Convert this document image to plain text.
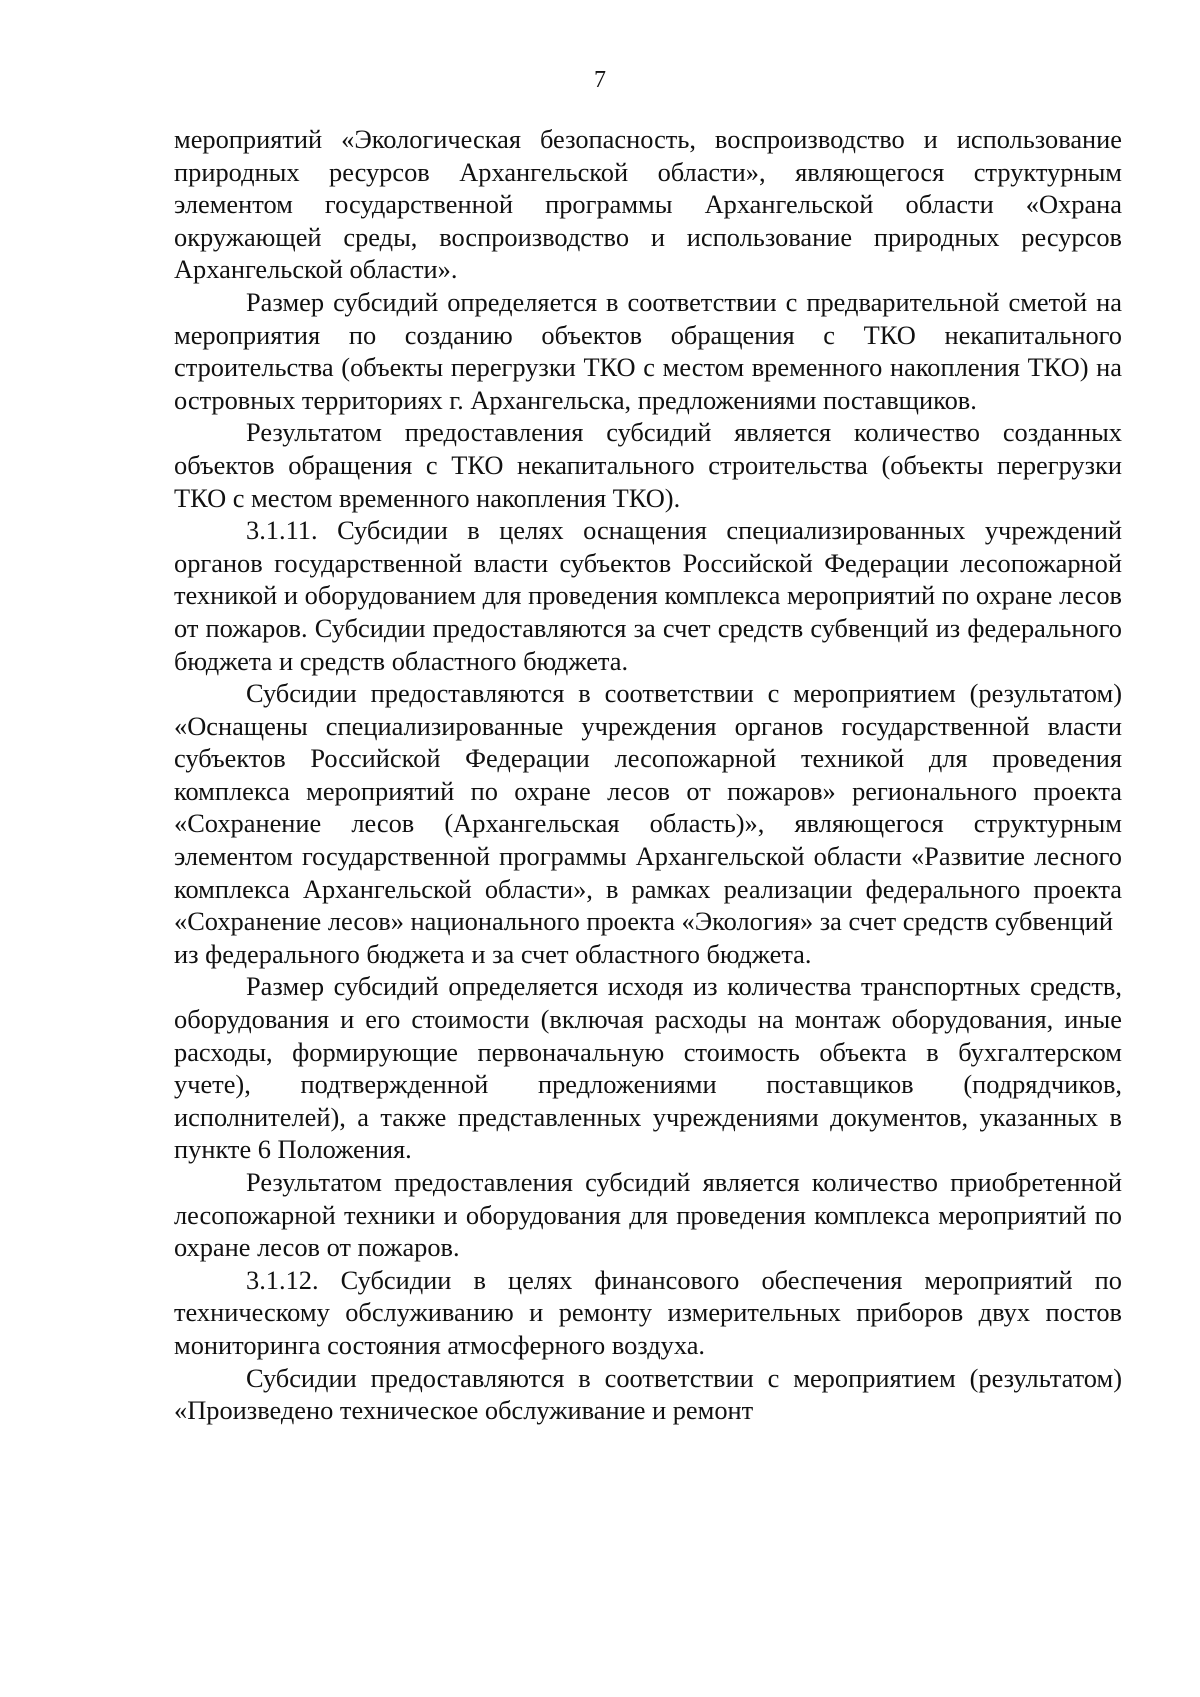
7

мероприятий «Экологическая безопасность, воспроизводство и использование природных ресурсов Архангельской области», являющегося структурным элементом государственной программы Архангельской области «Охрана окружающей среды, воспроизводство и использование природных ресурсов Архангельской области».

Размер субсидий определяется в соответствии с предварительной сметой на мероприятия по созданию объектов обращения с ТКО некапитального строительства (объекты перегрузки ТКО с местом временного накопления ТКО) на островных территориях г. Архангельска, предложениями поставщиков.

Результатом предоставления субсидий является количество созданных объектов обращения с ТКО некапитального строительства (объекты перегрузки ТКО с местом временного накопления ТКО).

3.1.11. Субсидии в целях оснащения специализированных учреждений органов государственной власти субъектов Российской Федерации лесопожарной техникой и оборудованием для проведения комплекса мероприятий по охране лесов от пожаров. Субсидии предоставляются за счет средств субвенций из федерального бюджета и средств областного бюджета.

Субсидии предоставляются в соответствии с мероприятием (результатом) «Оснащены специализированные учреждения органов государственной власти субъектов Российской Федерации лесопожарной техникой для проведения комплекса мероприятий по охране лесов от пожаров» регионального проекта «Сохранение лесов (Архангельская область)», являющегося структурным элементом государственной программы Архангельской области «Развитие лесного комплекса Архангельской области», в рамках реализации федерального проекта «Сохранение лесов» национального проекта «Экология» за счет средств субвенций

из федерального бюджета и за счет областного бюджета.

Размер субсидий определяется исходя из количества транспортных средств, оборудования и его стоимости (включая расходы на монтаж оборудования, иные расходы, формирующие первоначальную стоимость объекта в бухгалтерском учете), подтвержденной предложениями поставщиков (подрядчиков, исполнителей), а также представленных учреждениями документов, указанных в пункте 6 Положения.

Результатом предоставления субсидий является количество приобретенной лесопожарной техники и оборудования для проведения комплекса мероприятий по охране лесов от пожаров.

3.1.12. Субсидии в целях финансового обеспечения мероприятий по техническому обслуживанию и ремонту измерительных приборов двух постов мониторинга состояния атмосферного воздуха.

Субсидии предоставляются в соответствии с мероприятием (результатом) «Произведено техническое обслуживание и ремонт
